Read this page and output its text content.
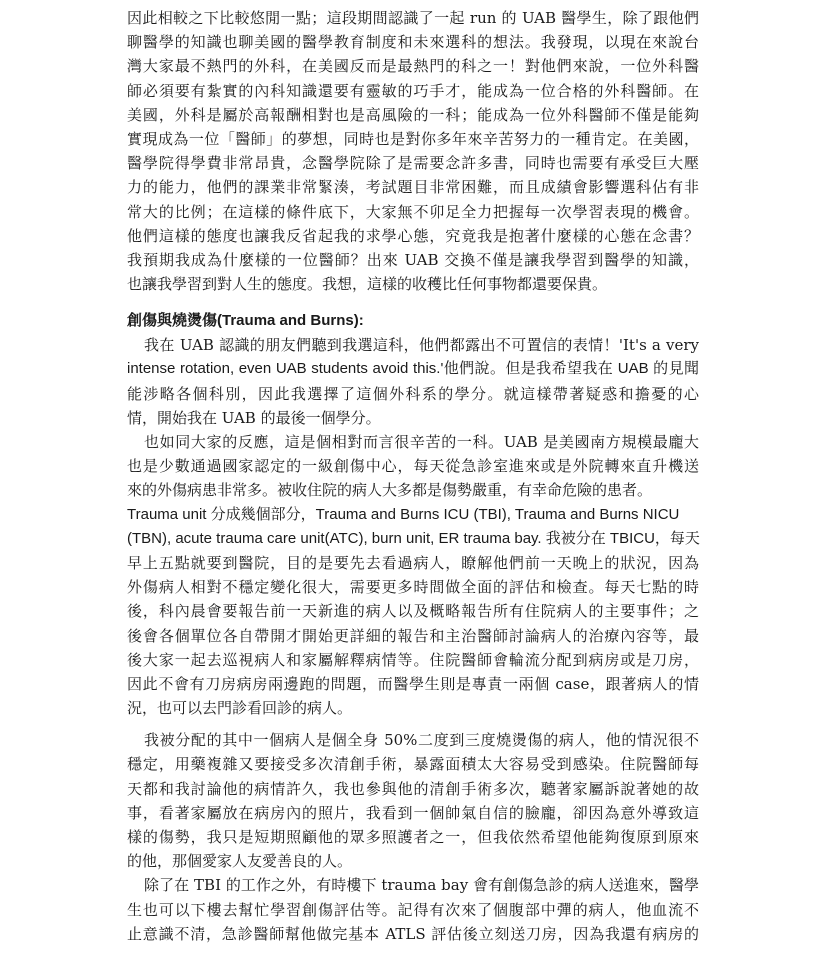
因此相較之下比較悠閒一點；這段期間認識了一起 run 的 UAB 醫學生，除了跟他們
聊醫學的知識也聊美國的醫學教育制度和未來選科的想法。我發現，以現在來說台
灣大家最不熱門的外科，在美國反而是最熱門的科之一！對他們來說，一位外科醫
師必須要有紮實的內科知識還要有靈敏的巧手才，能成為一位合格的外科醫師。在
美國，外科是屬於高報酬相對也是高風險的一科；能成為一位外科醫師不僅是能夠
實現成為一位「醫師」的夢想，同時也是對你多年來辛苦努力的一種肯定。在美國，
醫學院得學費非常昂貴，念醫學院除了是需要念許多書，同時也需要有承受巨大壓
力的能力，他們的課業非常緊湊，考試題目非常困難，而且成績會影響選科佔有非
常大的比例；在這樣的條件底下，大家無不卯足全力把握每一次學習表現的機會。
他們這樣的態度也讓我反省起我的求學心態，究竟我是抱著什麼樣的心態在念書？
我預期我成為什麼樣的一位醫師？出來 UAB 交換不僅是讓我學習到醫學的知識，
也讓我學習到對人生的態度。我想，這樣的收穫比任何事物都還要保貴。
創傷與燒燙傷(Trauma and Burns):
我在 UAB 認識的朋友們聽到我選這科，他們都露出不可置信的表情！'It's a very
intense rotation, even UAB students avoid this.'他們說。但是我希望我在 UAB 的見聞
能涉略各個科別，因此我選擇了這個外科系的學分。就這樣帶著疑惑和擔憂的心
情，開始我在 UAB 的最後一個學分。
也如同大家的反應，這是個相對而言很辛苦的一科。UAB 是美國南方規模最龐大
也是少數通過國家認定的一級創傷中心，每天從急診室進來或是外院轉來直升機送
來的外傷病患非常多。被收住院的病人大多都是傷勢嚴重，有幸命危險的患者。
Trauma unit 分成幾個部分，Trauma and Burns ICU (TBI), Trauma and Burns NICU
(TBN), acute trauma care unit(ATC), burn unit, ER trauma bay. 我被分在 TBICU，每天
早上五點就要到醫院，目的是要先去看過病人，瞭解他們前一天晚上的狀況，因為
外傷病人相對不穩定變化很大，需要更多時間做全面的評估和檢查。每天七點的時
後，科內晨會要報告前一天新進的病人以及概略報告所有住院病人的主要事件；之
後會各個單位各自帶開才開始更詳細的報告和主治醫師討論病人的治療內容等，最
後大家一起去巡視病人和家屬解釋病情等。住院醫師會輪流分配到病房或是刀房，
因此不會有刀房病房兩邊跑的問題，而醫學生則是專責一兩個 case，跟著病人的情
況，也可以去門診看回診的病人。
我被分配的其中一個病人是個全身 50%二度到三度燒燙傷的病人，他的情況很不
穩定，用藥複雜又要接受多次清創手術，暴露面積太大容易受到感染。住院醫師每
天都和我討論他的病情許久，我也參與他的清創手術多次，聽著家屬訴說著她的故
事，看著家屬放在病房內的照片，我看到一個帥氣自信的臉龐，卻因為意外導致這
樣的傷勢，我只是短期照顧他的眾多照護者之一，但我依然希望他能夠復原到原來
的他，那個愛家人友愛善良的人。
除了在 TBI 的工作之外，有時樓下 trauma bay 會有創傷急診的病人送進來，醫學
生也可以下樓去幫忙學習創傷評估等。記得有次來了個腹部中彈的病人，他血流不
止意識不清，急診醫師幫他做完基本 ATLS 評估後立刻送刀房，因為我還有病房的
